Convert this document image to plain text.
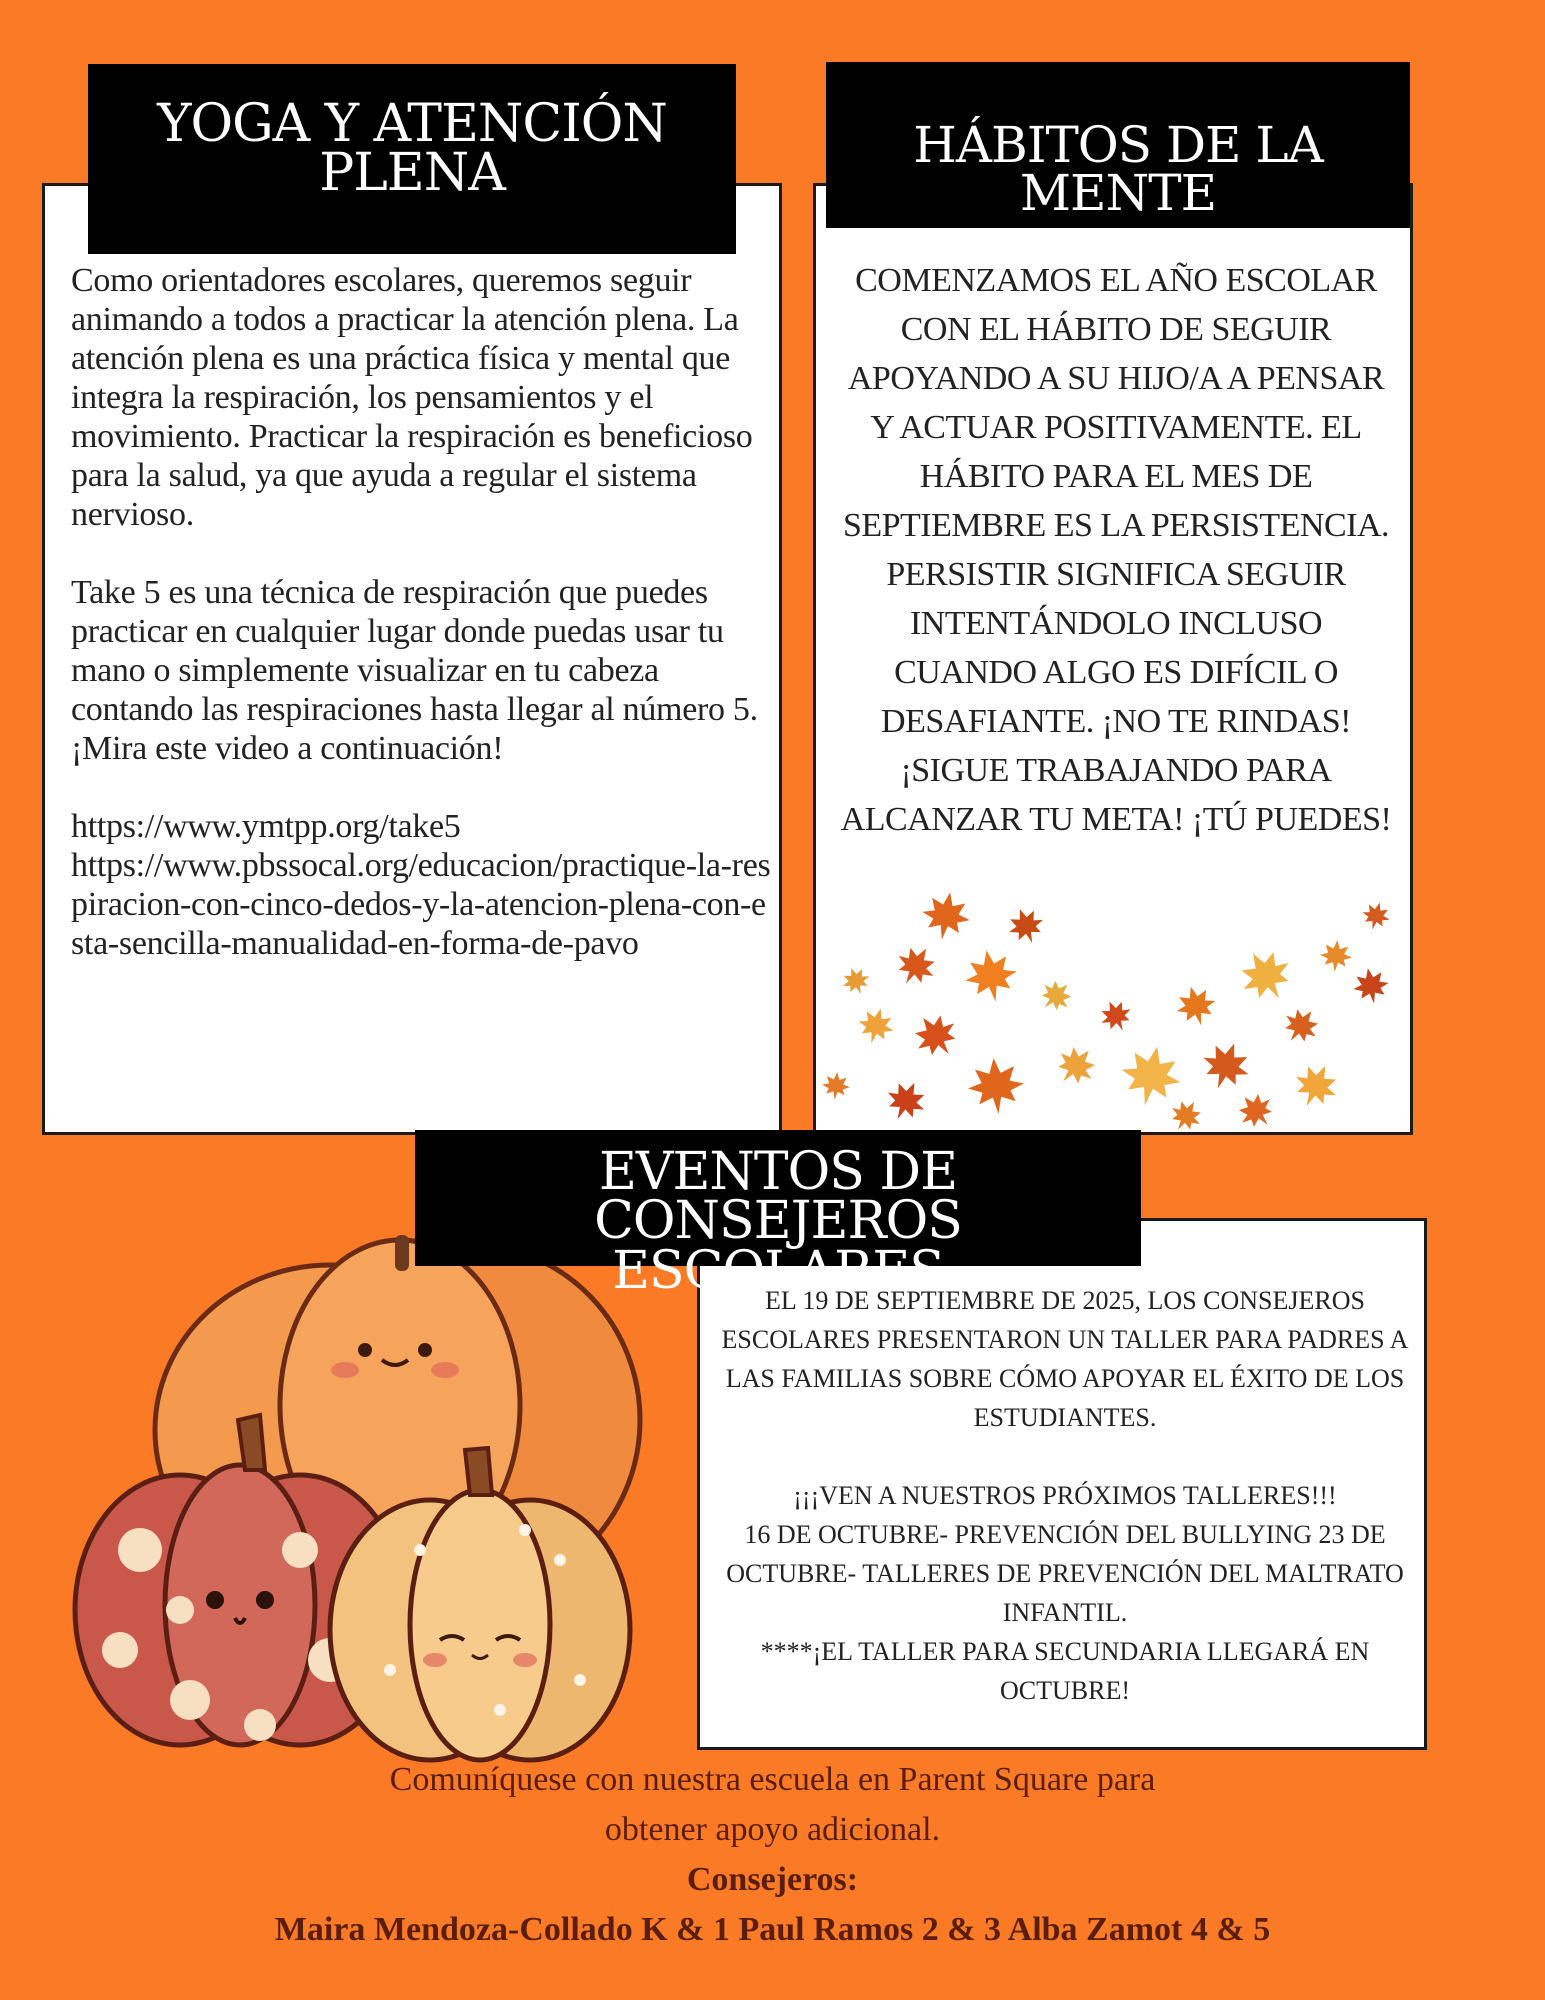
Como orientadores escolares, queremos seguir animando a todos a practicar la atención plena. La atención plena es una práctica física y mental que integra la respiración, los pensamientos y el movimiento. Practicar la respiración es beneficioso para la salud, ya que ayuda a regular el sistema nervioso.

Take 5 es una técnica de respiración que puedes practicar en cualquier lugar donde puedas usar tu mano o simplemente visualizar en tu cabeza contando las respiraciones hasta llegar al número 5. ¡Mira este video a continuación!

https://www.ymtpp.org/take5
https://www.pbssocal.org/educacion/practique-la-respiracion-con-cinco-dedos-y-la-atencion-plena-con-esta-sencilla-manualidad-en-forma-de-pavo
YOGA Y ATENCIÓN
PLENA
COMENZAMOS EL AÑO ESCOLAR CON EL HÁBITO DE SEGUIR APOYANDO A SU HIJO/A A PENSAR Y ACTUAR POSITIVAMENTE. EL HÁBITO PARA EL MES DE SEPTIEMBRE ES LA PERSISTENCIA. PERSISTIR SIGNIFICA SEGUIR INTENTÁNDOLO INCLUSO CUANDO ALGO ES DIFÍCIL O DESAFIANTE. ¡NO TE RINDAS! ¡SIGUE TRABAJANDO PARA ALCANZAR TU META! ¡TÚ PUEDES!
HÁBITOS DE LA MENTE

EL 19 DE SEPTIEMBRE DE 2025, LOS CONSEJEROS ESCOLARES PRESENTARON UN TALLER PARA PADRES A LAS FAMILIAS SOBRE CÓMO APOYAR EL ÉXITO DE LOS ESTUDIANTES.

¡¡¡VEN A NUESTROS PRÓXIMOS TALLERES!!!
16 DE OCTUBRE- PREVENCIÓN DEL BULLYING 23 DE OCTUBRE- TALLERES DE PREVENCIÓN DEL MALTRATO INFANTIL.
****¡EL TALLER PARA SECUNDARIA LLEGARÁ EN OCTUBRE!
EVENTOS DE CONSEJEROS
ESCOLARES
Comuníquese con nuestra escuela en Parent Square para
obtener apoyo adicional.
Consejeros:
Maira Mendoza-Collado K & 1 Paul Ramos 2 & 3 Alba Zamot 4 & 5
